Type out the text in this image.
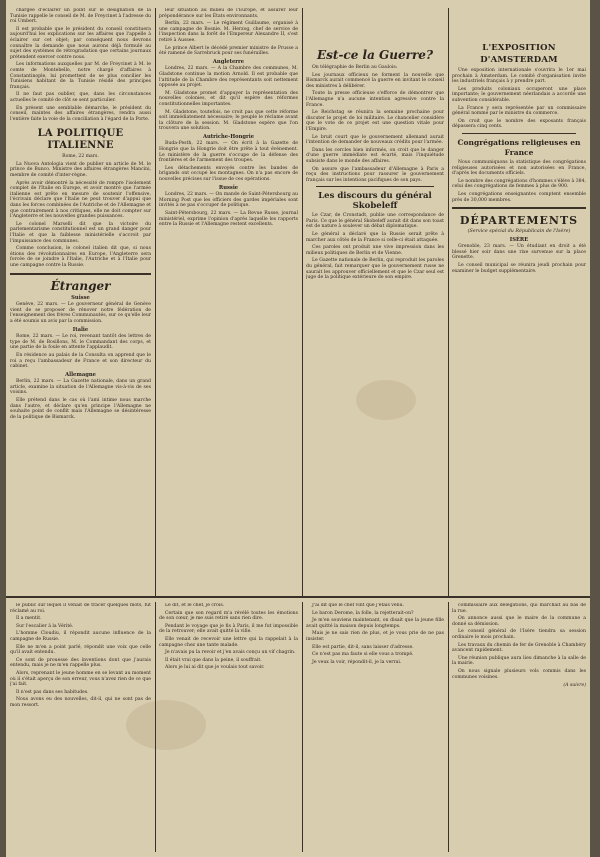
chargée d'éclairer un point sur le désignation de la Tunisie rappelle le conseil de M. de Freycinet à l'adresse du roi Umbert.

Il est probable que le président du conseil constituera aujourd'hui les explications sur les affaires que l'appelle à éclairer sur cet objet; par conséquent nous devrons connaître la demande que nous aurons déjà formulé au sujet des systèmes de rétrogradation que certains journaux prétendent exercer contre nous.

Les informations auxquelles par M. de Freycinet à M. le comte de Montebello, notre chargé d'affaires à Constantinople, lui promettent de se plus concilier les Tunisiens habitant de la Tunisie résidé des principes français.

Il ne faut pas oublier, que, dans les circonstances actuelles le comité de clôt se sent particulier.

En présent une semblable démarche, le président du conseil, maintes des affaires étrangères, rendra aussi l'entière faite la voie de la conciliation à l'égard de la Porte.

LA POLITIQUE ITALIENNE
Rome, 22 mars.

La Nuova Antologia vient de publier un article de M. le prince de Bunco. Ministre des affaires étrangères Mancini, membre de comité d'inter-règne.

Après avoir démontré la nécessité de rompre l'isolement complet de l'Italie en Europe, et avoir montré que l'armée italienne est prête en mesure de soutenir l'offensive, l'écrivain déclare que l'Italie ne peut trouver d'appui que dans les forces combinées de l'Autriche et de l'Allemagne et que contrairement à nos critiques, elle ne doit compter sur l'Angleterre et les nouvelles grandes puissances.

Le colonel Marselli dit que la victoire du parlementarisme constitutionnel est un grand danger pour l'Italie et que la faiblesse ministérielle s'accroit par l'impuissance des communes.

Comme conclusion, le colonel italien dit que, si nous étions des révolutionnaires en Europe, l'Angleterre sera forcée de se joindre à l'Italie, l'Autriche et à l'Italie pour une campagne contre la Russie.

Étranger
Suisse

Genève, 22 mars. — Le gouverneur général de Genève vient de se proposer de rénover notre fédération de l'enseignement des frères Communautés, sur ce qu'elle leur a été soumis un avis par la commission.

Italie

Rome, 22 mars. — Le roi, revenant tantôt des lettres de type de M. de Bosillons, M. le Commandant des corps, et une partie de la foule en attente l'applaudit.

En résidence au palais de la Consulta on apprend que le roi a reçu l'ambassadeur de France et son directeur du cabinet.

Allemagne

Berlin, 22 mars. — La Gazette nationale, dans un grand article, examine la situation de l'Allemagne vis-à-vis de ses voisins.

Elle prétend dans le cas où l'ami intime nous marche dans l'autre, et déclare qu'en principe l'Allemagne ne souhaite point de conflit mais l'Allemagne se désintéresse de la politique de Bismarck.

leur situation au milieu de l'Europe, et assurer leur prépondérance sur les États environnants.

Berlin, 22 mars. — Le régiment Guillaume, organisé à une campagne de Bosnie. M. Herzog, chef de service de l'inspection dans la forêt de l'Empereur Alexandre II, s'est retiré à Aussee.

Le prince Albert le décédé premier ministre de Prusse a été ramené de Sarrebruck pour ses funérailles.

Angleterre

Londres, 22 mars. — A la Chambre des communes, M. Gladstone continue la motion Arnold. Il est probable que l'attitude de la Chambre des représentants soit nettement opposée au projet.

M. Gladstone promet d'appuyer la représentation des nouvelles colonies, et dit qu'il espère des réformes constitutionnelles importantes.

M. Gladstone, toutefois, ne croit pas que cette réforme soit immédiatement nécessaire; le peuple le réclame avant la clôture de la session. M. Gladstone espère que l'on trouvera une solution.

Autriche-Hongrie

Buda-Pesth, 22 mars. — On écrit à la Gazette de Hongrie que la Hongrie doit être prête à tout événement. Le ministère de la guerre s'occupe de la défense des frontières et de l'armement des troupes.

Les détachements envoyés contre les bandes de brigands ont occupé les montagnes. On n'a pas encore de nouvelles précises sur l'issue de ces opérations.

Russie

Londres, 22 mars. — On mande de Saint-Pétersbourg au Morning Post que les officiers des gardes impériales sont invités à ne pas s'occuper de politique.

Saint-Pétersbourg, 22 mars. — La Revue Russe, journal ministériel, exprime l'opinion d'après laquelle les rapports entre la Russie et l'Allemagne restent excellents.

Est-ce la Guerre?

On télégraphie de Berlin au Gaulois:

Les journaux officieux ne forment la nouvelle que Bismarck aurait commencé la guerre en invitant le conseil des ministres à délibérer.

Toute la presse officieuse s'efforce de démontrer que l'Allemagne n'a aucune intention agressive contre la France.

Le Reichstag se réunira la semaine prochaine pour discuter le projet de loi militaire. Le chancelier considère que le vote de ce projet est une question vitale pour l'Empire.

Le bruit court que le gouvernement allemand aurait l'intention de demander de nouveaux crédits pour l'armée.

Dans les cercles bien informés, on croit que le danger d'une guerre immédiate est écarté, mais l'inquiétude subsiste dans le monde des affaires.

On assure que l'ambassadeur d'Allemagne à Paris a reçu des instructions pour rassurer le gouvernement français sur les intentions pacifiques de son pays.

Les discours du général Skobeleff

Le Czar, de Cronstadt, publie une correspondance de Paris. Ce que le général Skobeleff aurait dit dans son toast est de nature à soulever un débat diplomatique.

Le général a déclaré que la Russie serait prête à marcher aux côtés de la France si celle-ci était attaquée.

Ces paroles ont produit une vive impression dans les milieux politiques de Berlin et de Vienne.

Le Gazette nationale de Berlin, qui reproduit les paroles du général, fait remarquer que le gouvernement russe ne saurait les approuver officiellement et que le Czar seul est juge de la politique extérieure de son empire.

L'EXPOSITION D'AMSTERDAM

Une exposition internationale s'ouvrira le 1er mai prochain à Amsterdam. Le comité d'organisation invite les industriels français à y prendre part.

Les produits coloniaux occuperont une place importante; le gouvernement néerlandais a accordé une subvention considérable.

La France y sera représentée par un commissaire général nommé par le ministre du commerce.

On croit que le nombre des exposants français dépassera cinq cents.

Congrégations religieuses en France

Nous communiquons la statistique des congrégations religieuses autorisées et non autorisées en France, d'après les documents officiels.

Le nombre des congrégations d'hommes s'élève à 384, celui des congrégations de femmes à plus de 900.

Les congrégations enseignantes comptent ensemble près de 30,000 membres.

DÉPARTEMENTS
(Service spécial du Républicain de l'Isère)
ISÈRE

Grenoble, 23 mars. — Un étudiant en droit a été blessé hier soir dans une rixe survenue sur la place Grenette.

Le conseil municipal se réunira jeudi prochain pour examiner le budget supplémentaire.

le public sur lequel il venait de tracer quelques mots, fut réclamé au roi.

Il a mentit.

Sur l'escalier à la Vérité.

L'homme Cloudiu, il répondit aucune influence de la campagne de Russie.

Elle ne m'en a point parlé, répondit une voix que celle qu'il avait entendu.

Ce sont de prouesse des inventions dont que j'aurais entendu, mais je ne m'en rappelle plus.

Alors, reprenant le jeune homme en se levant au moment où il s'était aperçu de son erreur, vous n'avez rien de ce que j'ai fait.

Il n'est pas dans ses habitudes.

Nous avons eu des nouvelles, dit-il, qui ne sont pas de mon ressort.

Le dit, et le chef, je crois.

Certain que son regard m'a révélé toutes les émotions de son cœur, je me suis retiré sans rien dire.

Pendant le voyage que je fis à Paris, il me fut impossible de la retrouver; elle avait quitté la ville.

Elle venait de recevoir une lettre qui la rappelait à la campagne chez une tante malade.

Je n'avais pu la revoir et j'en avais conçu un vif chagrin.

Il était vrai que dans la peine, il souffrait.

Alors je lui ai dit que je voulais tout savoir.

J'ai dit que le chef vint que j'étais venu.

Le baron Derome, la folle, la rejetterait-on?

Je m'en souviens maintenant, on disait que la jeune fille avait quitté la maison depuis longtemps.

Mais je ne sais rien de plus, et je vous prie de ne pas insister.

Elle est partie, dit-il, sans laisser d'adresse.

Ce n'est pas ma faute si elle vous a trompé.

Je veux la voir, répondit-il, je la verrai.

commissaire aux délégations, qui marchait au bas de la rue.

On annonce aussi que le maire de la commune a donné sa démission.

Le conseil général de l'Isère tiendra sa session ordinaire le mois prochain.

Les travaux du chemin de fer de Grenoble à Chambéry avancent rapidement.

Une réunion publique aura lieu dimanche à la salle de la mairie.

On nous signale plusieurs vols commis dans les communes voisines.

(A suivre)
